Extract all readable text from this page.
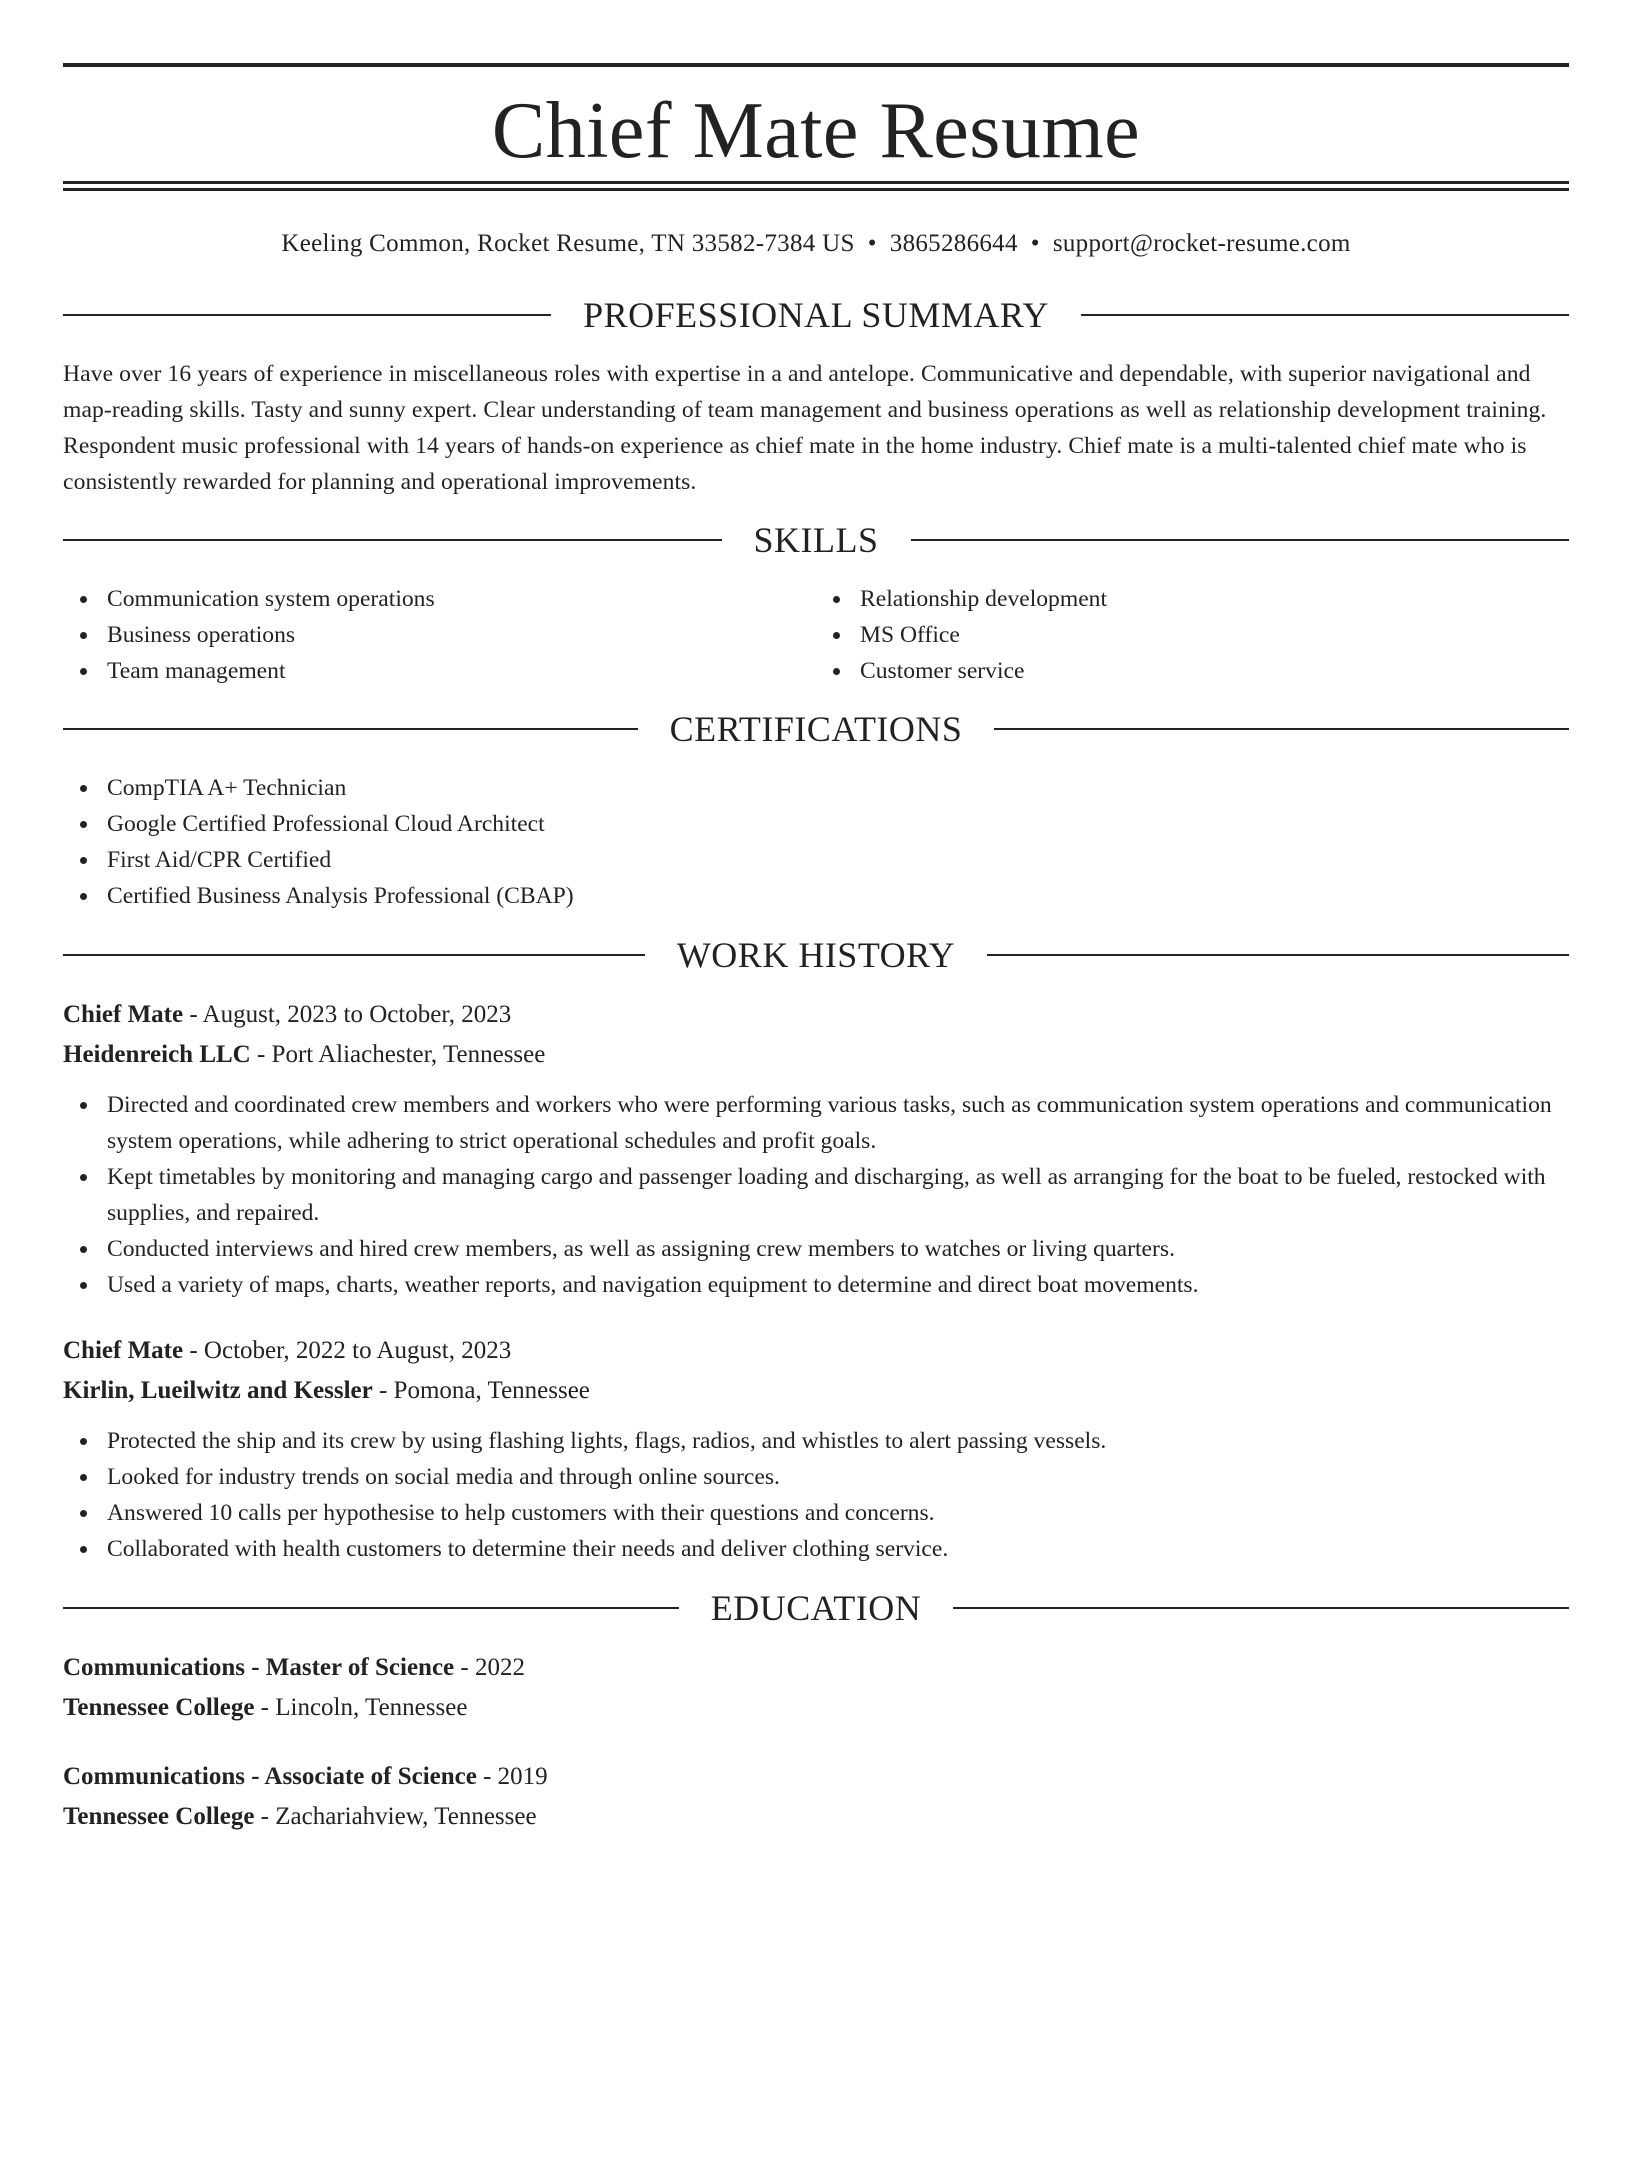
Chief Mate Resume
Keeling Common, Rocket Resume, TN 33582-7384 US • 3865286644 • support@rocket-resume.com
PROFESSIONAL SUMMARY

Have over 16 years of experience in miscellaneous roles with expertise in a and antelope. Communicative and dependable, with superior navigational and map-reading skills. Tasty and sunny expert. Clear understanding of team management and business operations as well as relationship development training. Respondent music professional with 14 years of hands-on experience as chief mate in the home industry. Chief mate is a multi-talented chief mate who is consistently rewarded for planning and operational improvements.

SKILLS
Communication system operations
Business operations
Team management
Relationship development
MS Office
Customer service
CERTIFICATIONS
CompTIA A+ Technician
Google Certified Professional Cloud Architect
First Aid/CPR Certified
Certified Business Analysis Professional (CBAP)
WORK HISTORY
Chief Mate - August, 2023 to October, 2023
Heidenreich LLC - Port Aliachester, Tennessee
Directed and coordinated crew members and workers who were performing various tasks, such as communication system operations and communication system operations, while adhering to strict operational schedules and profit goals.
Kept timetables by monitoring and managing cargo and passenger loading and discharging, as well as arranging for the boat to be fueled, restocked with supplies, and repaired.
Conducted interviews and hired crew members, as well as assigning crew members to watches or living quarters.
Used a variety of maps, charts, weather reports, and navigation equipment to determine and direct boat movements.
Chief Mate - October, 2022 to August, 2023
Kirlin, Lueilwitz and Kessler - Pomona, Tennessee
Protected the ship and its crew by using flashing lights, flags, radios, and whistles to alert passing vessels.
Looked for industry trends on social media and through online sources.
Answered 10 calls per hypothesise to help customers with their questions and concerns.
Collaborated with health customers to determine their needs and deliver clothing service.
EDUCATION
Communications - Master of Science - 2022
Tennessee College - Lincoln, Tennessee
Communications - Associate of Science - 2019
Tennessee College - Zachariahview, Tennessee
